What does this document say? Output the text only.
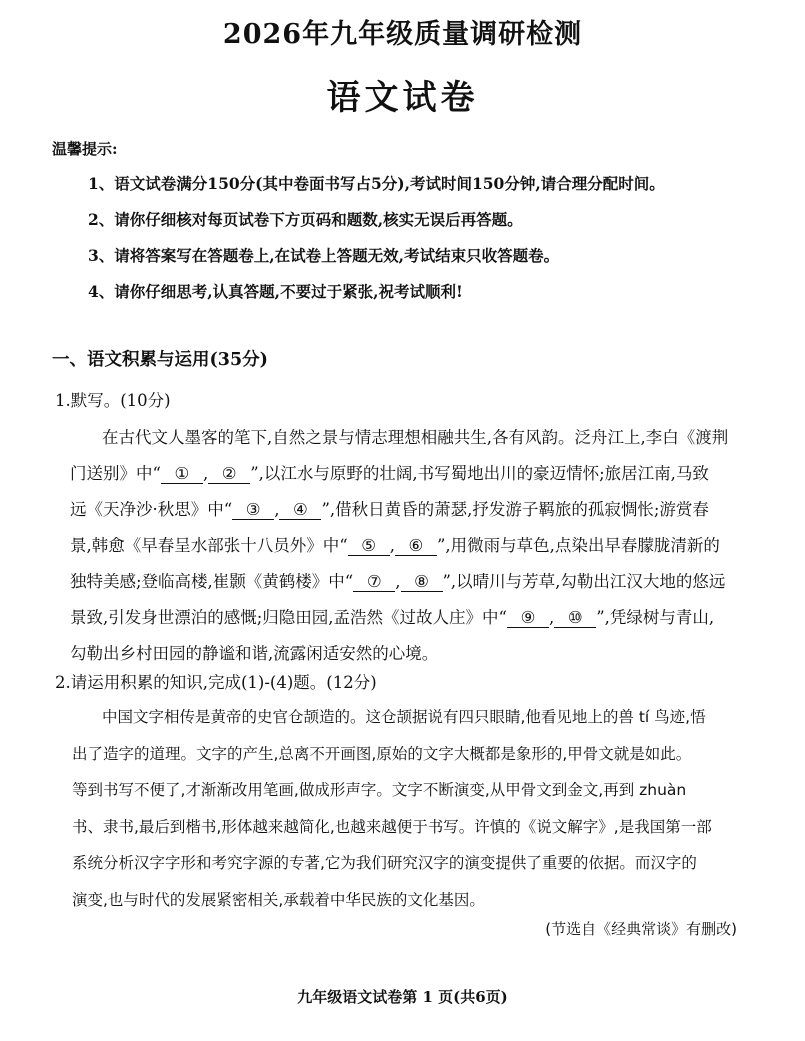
2026年九年级质量调研检测
语文试卷
温馨提示:
1、语文试卷满分150分(其中卷面书写占5分),考试时间150分钟,请合理分配时间。
2、请你仔细核对每页试卷下方页码和题数,核实无误后再答题。
3、请将答案写在答题卷上,在试卷上答题无效,考试结束只收答题卷。
4、请你仔细思考,认真答题,不要过于紧张,祝考试顺利!
一、语文积累与运用(35分)
1.默写。(10分)
在古代文人墨客的笔下,自然之景与情志理想相融共生,各有风韵。泛舟江上,李白《渡荆
门送别》中“ ① , ② ”,以江水与原野的壮阔,书写蜀地出川的豪迈情怀;旅居江南,马致
远《天净沙·秋思》中“ ③ , ④ ”,借秋日黄昏的萧瑟,抒发游子羁旅的孤寂惆怅;游赏春
景,韩愈《早春呈水部张十八员外》中“ ⑤ , ⑥ ”,用微雨与草色,点染出早春朦胧清新的
独特美感;登临高楼,崔颢《黄鹤楼》中“ ⑦ , ⑧ ”,以晴川与芳草,勾勒出江汉大地的悠远
景致,引发身世漂泊的感慨;归隐田园,孟浩然《过故人庄》中“ ⑨ , ⑩ ”,凭绿树与青山,
勾勒出乡村田园的静谧和谐,流露闲适安然的心境。
2.请运用积累的知识,完成(1)-(4)题。(12分)
中国文字相传是黄帝的史官仓颉造的。这仓颉据说有四只眼睛,他看见地上的兽 tí 鸟迹,悟
出了造字的道理。文字的产生,总离不开画图,原始的文字大概都是象形的,甲骨文就是如此。
等到书写不便了,才渐渐改用笔画,做成形声字。文字不断演变,从甲骨文到金文,再到 zhuàn
书、隶书,最后到楷书,形体越来越简化,也越来越便于书写。许慎的《说文解字》,是我国第一部
系统分析汉字字形和考究字源的专著,它为我们研究汉字的演变提供了重要的依据。而汉字的
演变,也与时代的发展紧密相关,承载着中华民族的文化基因。
(节选自《经典常谈》有删改)
九年级语文试卷第 1 页(共6页)
